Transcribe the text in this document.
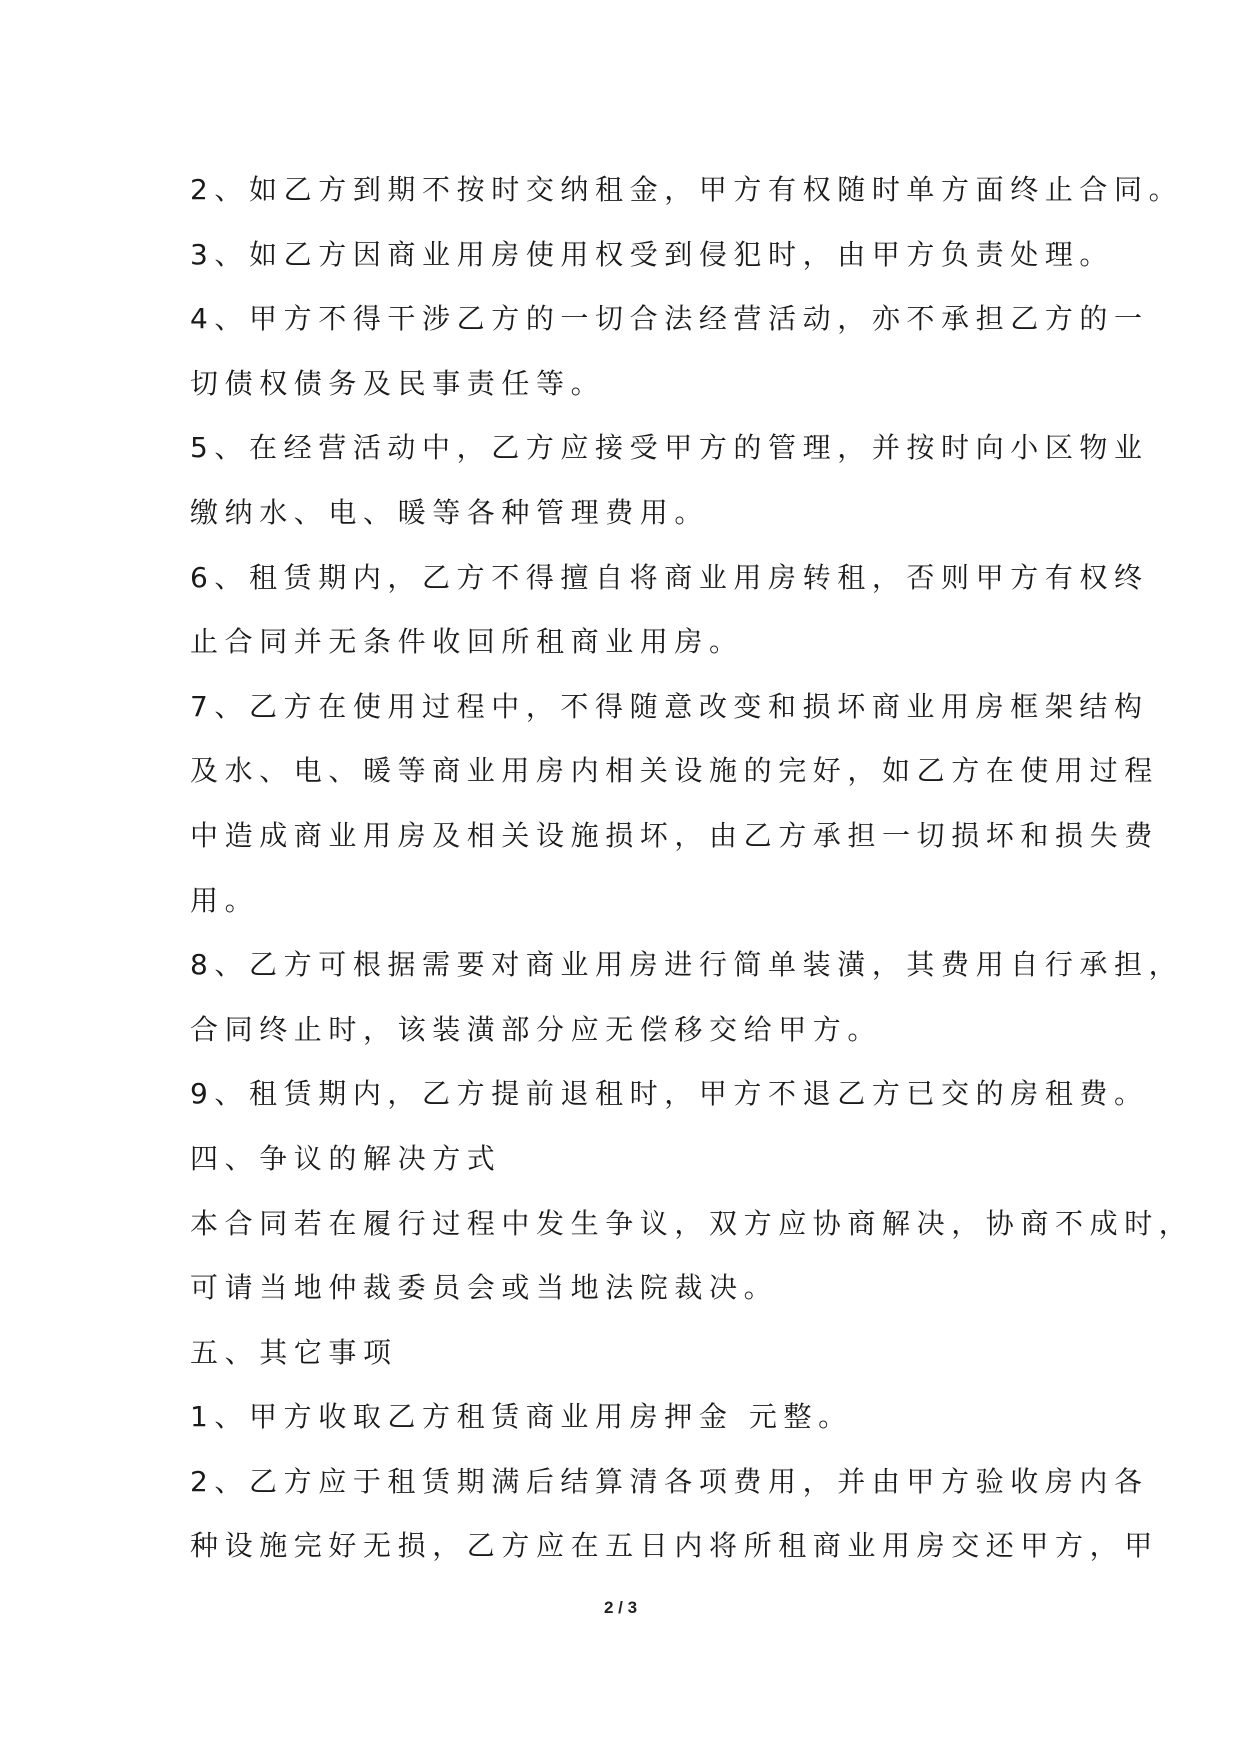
2、如乙方到期不按时交纳租金，甲方有权随时单方面终止合同。

3、如乙方因商业用房使用权受到侵犯时，由甲方负责处理。

4、甲方不得干涉乙方的一切合法经营活动，亦不承担乙方的一

切债权债务及民事责任等。

5、在经营活动中，乙方应接受甲方的管理，并按时向小区物业

缴纳水、电、暖等各种管理费用。

6、租赁期内，乙方不得擅自将商业用房转租，否则甲方有权终

止合同并无条件收回所租商业用房。

7、乙方在使用过程中，不得随意改变和损坏商业用房框架结构

及水、电、暖等商业用房内相关设施的完好，如乙方在使用过程

中造成商业用房及相关设施损坏，由乙方承担一切损坏和损失费

用。

8、乙方可根据需要对商业用房进行简单装潢，其费用自行承担，

合同终止时，该装潢部分应无偿移交给甲方。

9、租赁期内，乙方提前退租时，甲方不退乙方已交的房租费。

四、争议的解决方式

本合同若在履行过程中发生争议，双方应协商解决，协商不成时，

可请当地仲裁委员会或当地法院裁决。

五、其它事项

1、甲方收取乙方租赁商业用房押金 元整。

2、乙方应于租赁期满后结算清各项费用，并由甲方验收房内各

种设施完好无损，乙方应在五日内将所租商业用房交还甲方，甲

2 / 3
